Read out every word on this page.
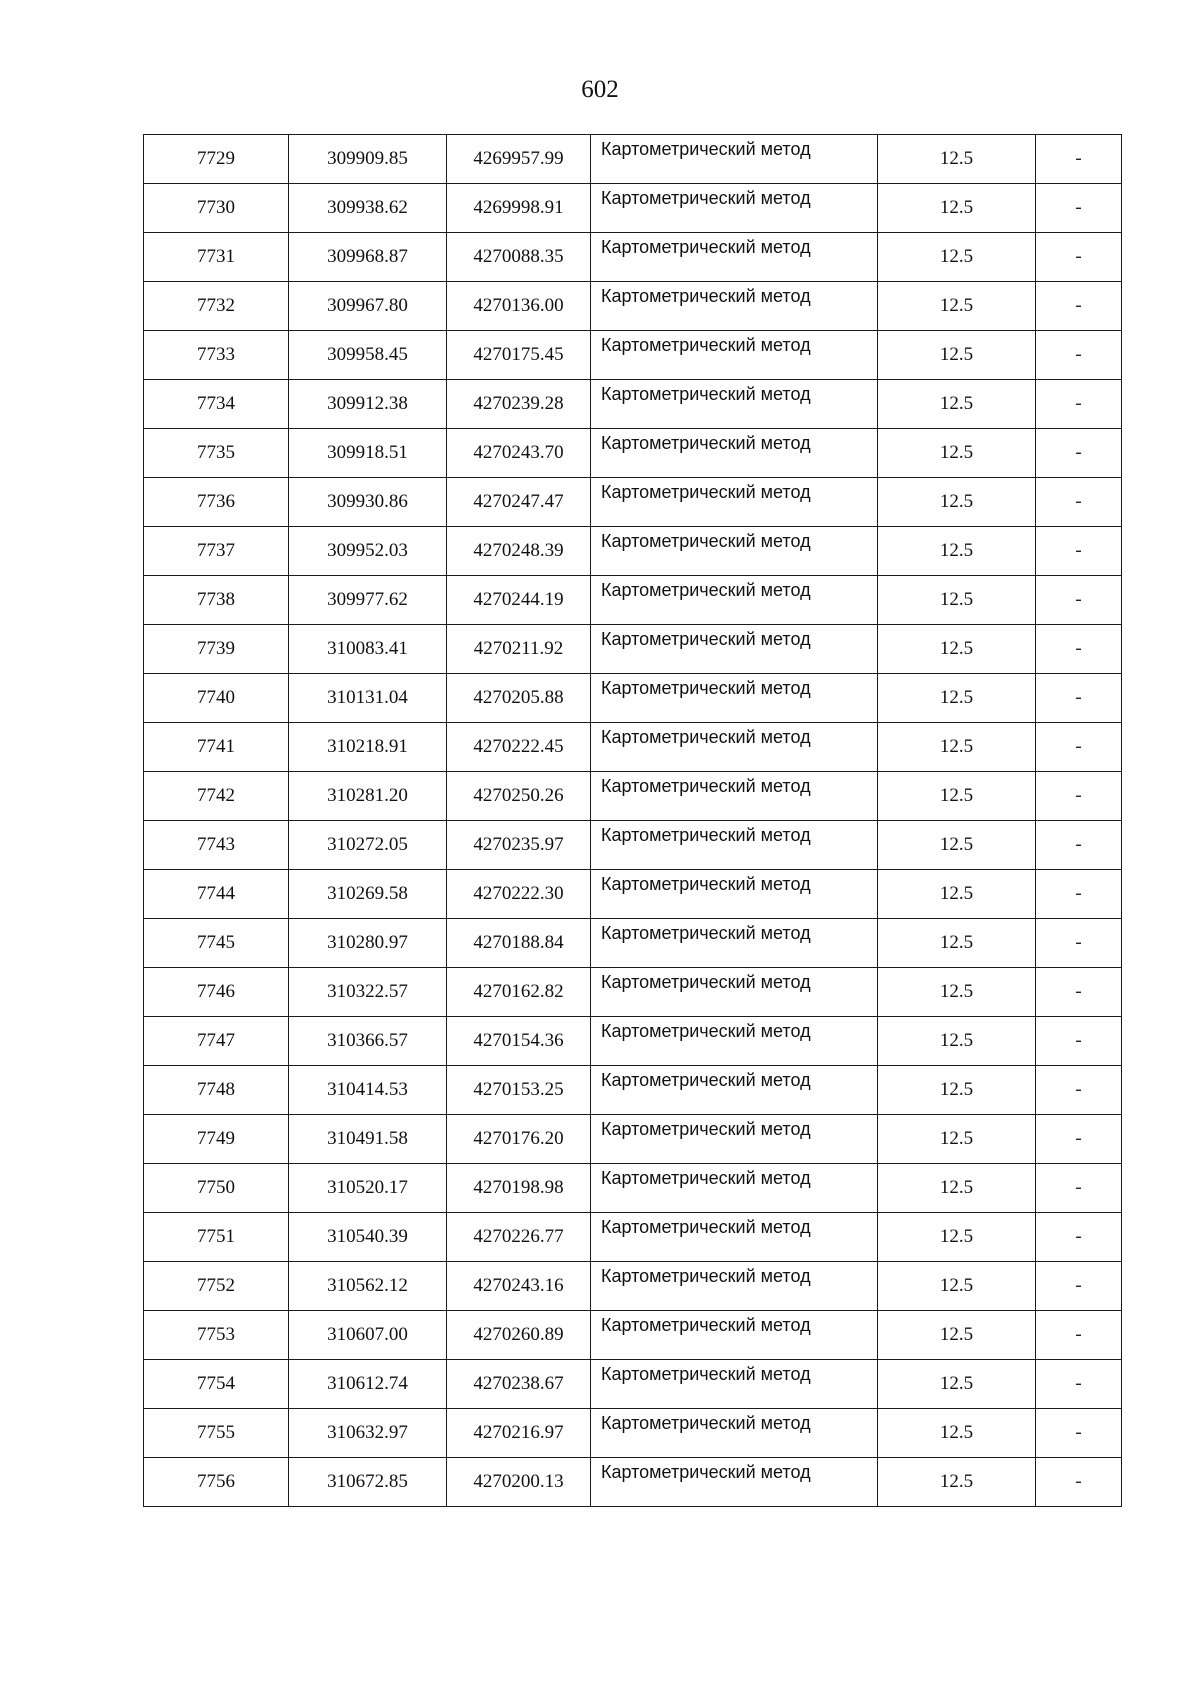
602
7729	309909.85	4269957.99	Картометрический метод	12.5	-
7730	309938.62	4269998.91	Картометрический метод	12.5	-
7731	309968.87	4270088.35	Картометрический метод	12.5	-
7732	309967.80	4270136.00	Картометрический метод	12.5	-
7733	309958.45	4270175.45	Картометрический метод	12.5	-
7734	309912.38	4270239.28	Картометрический метод	12.5	-
7735	309918.51	4270243.70	Картометрический метод	12.5	-
7736	309930.86	4270247.47	Картометрический метод	12.5	-
7737	309952.03	4270248.39	Картометрический метод	12.5	-
7738	309977.62	4270244.19	Картометрический метод	12.5	-
7739	310083.41	4270211.92	Картометрический метод	12.5	-
7740	310131.04	4270205.88	Картометрический метод	12.5	-
7741	310218.91	4270222.45	Картометрический метод	12.5	-
7742	310281.20	4270250.26	Картометрический метод	12.5	-
7743	310272.05	4270235.97	Картометрический метод	12.5	-
7744	310269.58	4270222.30	Картометрический метод	12.5	-
7745	310280.97	4270188.84	Картометрический метод	12.5	-
7746	310322.57	4270162.82	Картометрический метод	12.5	-
7747	310366.57	4270154.36	Картометрический метод	12.5	-
7748	310414.53	4270153.25	Картометрический метод	12.5	-
7749	310491.58	4270176.20	Картометрический метод	12.5	-
7750	310520.17	4270198.98	Картометрический метод	12.5	-
7751	310540.39	4270226.77	Картометрический метод	12.5	-
7752	310562.12	4270243.16	Картометрический метод	12.5	-
7753	310607.00	4270260.89	Картометрический метод	12.5	-
7754	310612.74	4270238.67	Картометрический метод	12.5	-
7755	310632.97	4270216.97	Картометрический метод	12.5	-
7756	310672.85	4270200.13	Картометрический метод	12.5	-
